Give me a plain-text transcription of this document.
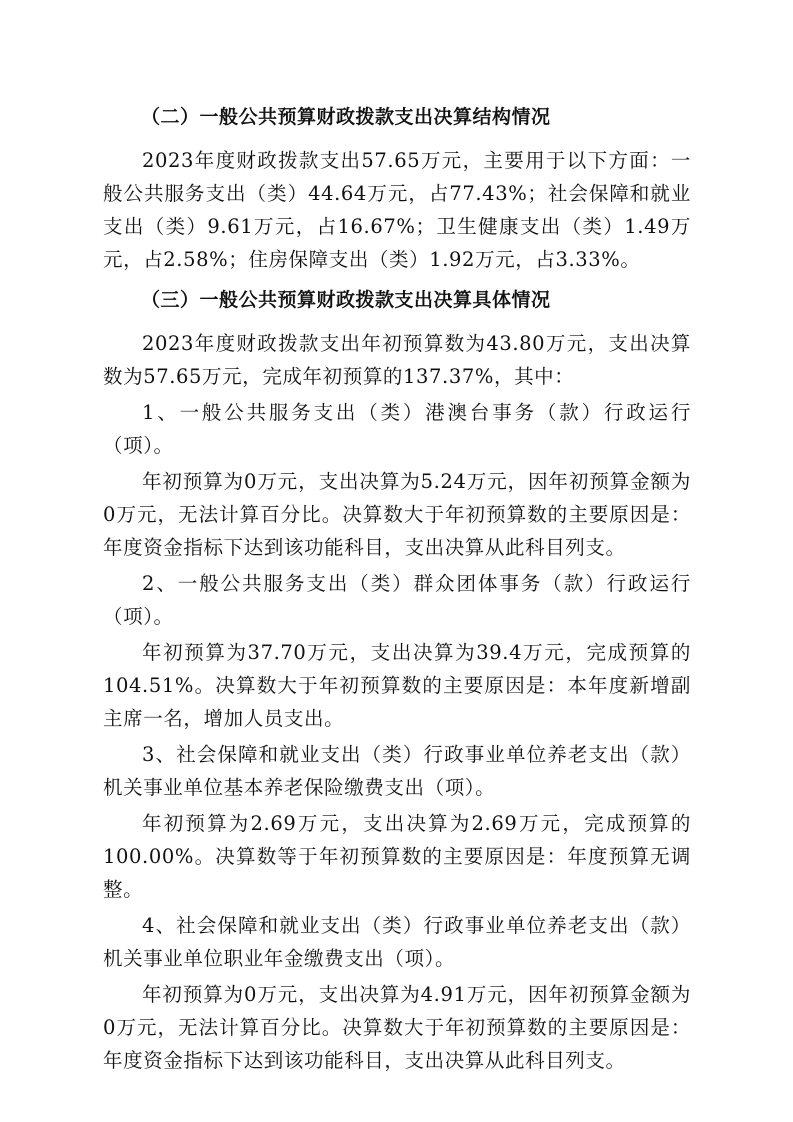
（二）一般公共预算财政拨款支出决算结构情况

2023年度财政拨款支出57.65万元，主要用于以下方面：一般公共服务支出（类）44.64万元，占77.43%；社会保障和就业支出（类）9.61万元，占16.67%；卫生健康支出（类）1.49万元，占2.58%；住房保障支出（类）1.92万元，占3.33%。

（三）一般公共预算财政拨款支出决算具体情况

2023年度财政拨款支出年初预算数为43.80万元，支出决算数为57.65万元，完成年初预算的137.37%，其中：

1、一般公共服务支出（类）港澳台事务（款）行政运行（项）。

年初预算为0万元，支出决算为5.24万元，因年初预算金额为0万元，无法计算百分比。决算数大于年初预算数的主要原因是：年度资金指标下达到该功能科目，支出决算从此科目列支。

2、一般公共服务支出（类）群众团体事务（款）行政运行（项）。

年初预算为37.70万元，支出决算为39.4万元，完成预算的104.51%。决算数大于年初预算数的主要原因是：本年度新增副主席一名，增加人员支出。

3、社会保障和就业支出（类）行政事业单位养老支出（款）机关事业单位基本养老保险缴费支出（项）。

年初预算为2.69万元，支出决算为2.69万元，完成预算的100.00%。决算数等于年初预算数的主要原因是：年度预算无调整。

4、社会保障和就业支出（类）行政事业单位养老支出（款）机关事业单位职业年金缴费支出（项）。

年初预算为0万元，支出决算为4.91万元，因年初预算金额为0万元，无法计算百分比。决算数大于年初预算数的主要原因是：年度资金指标下达到该功能科目，支出决算从此科目列支。
